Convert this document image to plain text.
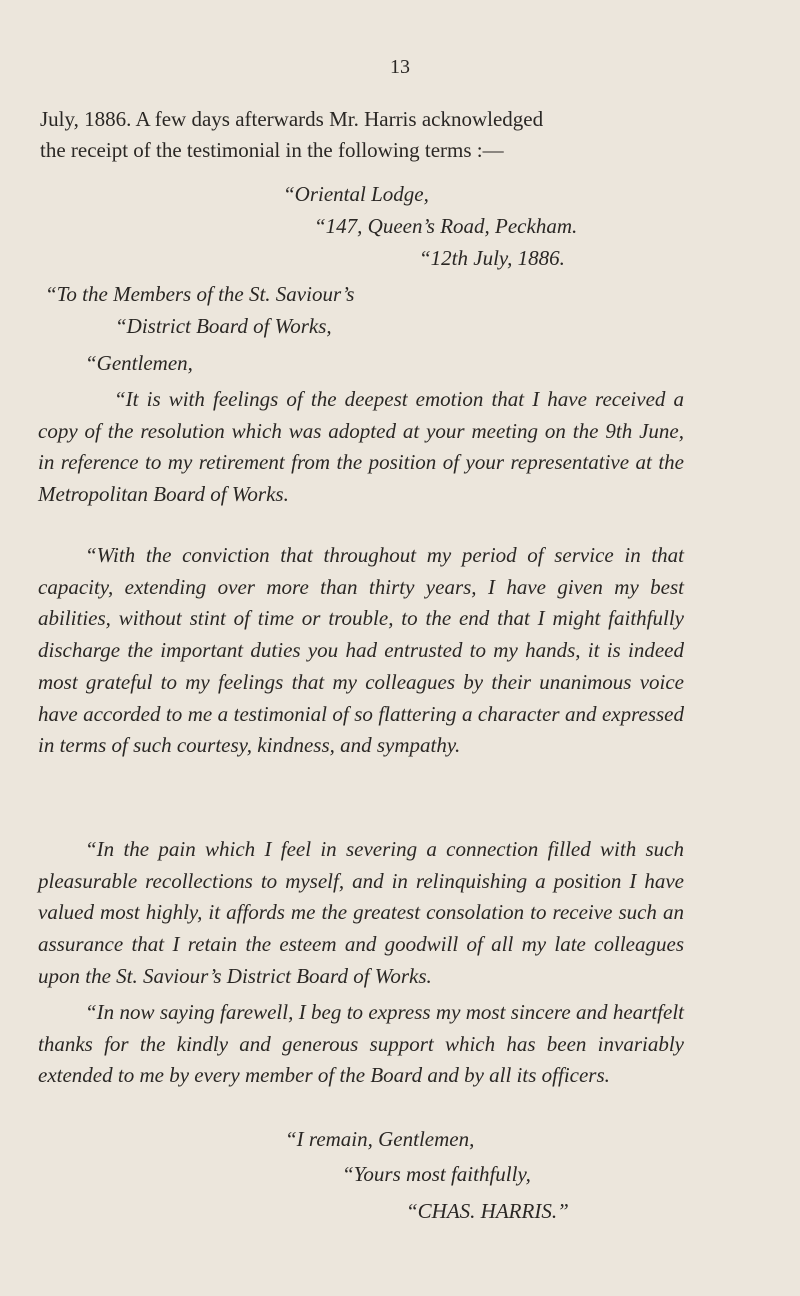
13
July, 1886. A few days afterwards Mr. Harris acknowledged
the receipt of the testimonial in the following terms :—
“Oriental Lodge,
“147, Queen’s Road, Peckham.
“12th July, 1886.
“To the Members of the St. Saviour’s
“District Board of Works,
“Gentlemen,
“It is with feelings of the deepest emotion that I have received a copy of the resolution which was adopted at your meeting on the 9th June, in reference to my retirement from the position of your representative at the Metropolitan Board of Works.
“With the conviction that throughout my period of service in that capacity, extending over more than thirty years, I have given my best abilities, without stint of time or trouble, to the end that I might faithfully discharge the important duties you had entrusted to my hands, it is indeed most grateful to my feelings that my colleagues by their unanimous voice have accorded to me a testimonial of so flattering a character and expressed in terms of such courtesy, kindness, and sympathy.
“In the pain which I feel in severing a connection filled with such pleasurable recollections to myself, and in relinquishing a position I have valued most highly, it affords me the greatest consolation to receive such an assurance that I retain the esteem and goodwill of all my late colleagues upon the St. Saviour’s District Board of Works.
“In now saying farewell, I beg to express my most sincere and heartfelt thanks for the kindly and generous support which has been invariably extended to me by every member of the Board and by all its officers.
“I remain, Gentlemen,
“Yours most faithfully,
“CHAS. HARRIS.”
